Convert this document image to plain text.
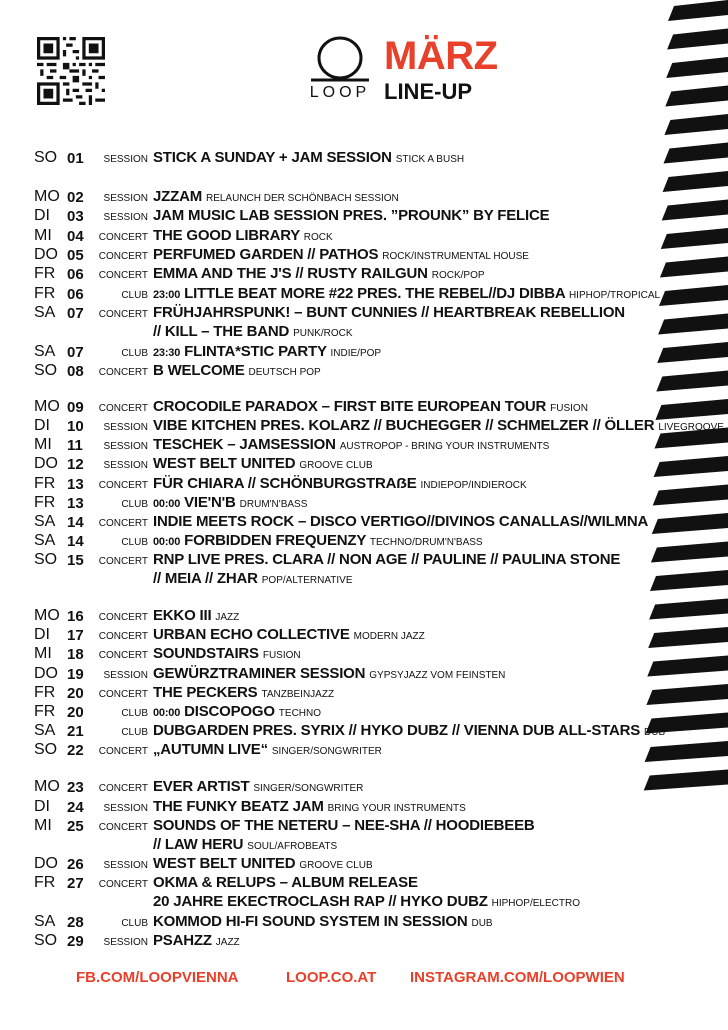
LOOP
MÄRZ
LINE-UP
SO 01	SESSION STICK A SUNDAY + JAM SESSION STICK A BUSH
MO 02	SESSION JZZAM RELAUNCH DER SCHÖNBACH SESSION
DI 03	SESSION JAM MUSIC LAB SESSION PRES. ”PROUNK” BY FELICE
MI 04	CONCERT THE GOOD LIBRARY ROCK
DO 05	CONCERT PERFUMED GARDEN // PATHOS ROCK/INSTRUMENTAL HOUSE
FR 06	CONCERT EMMA AND THE J'S // RUSTY RAILGUN ROCK/POP
FR 06	CLUB 23:00 LITTLE BEAT MORE #22 PRES. THE REBEL//DJ DIBBA HIPHOP/TROPICAL
SA 07	CONCERT FRÜHJAHRSPUNK! – BUNT CUNNIES // HEARTBREAK REBELLION
// KILL – THE BAND PUNK/ROCK
SA 07	CLUB 23:30 FLINTA*STIC PARTY INDIE/POP
SO 08	CONCERT B WELCOME DEUTSCH POP
MO 09	CONCERT CROCODILE PARADOX – FIRST BITE EUROPEAN TOUR FUSION
DI 10	SESSION VIBE KITCHEN PRES. KOLARZ // BUCHEGGER // SCHMELZER // ÖLLER LIVEGROOVE
MI 11	SESSION TESCHEK – JAMSESSION AUSTROPOP - BRING YOUR INSTRUMENTS
DO 12	SESSION WEST BELT UNITED GROOVE CLUB
FR 13	CONCERT FÜR CHIARA // SCHÖNBURGSTRAẞE INDIEPOP/INDIEROCK
FR 13	CLUB 00:00 VIE'N'B DRUM'N'BASS
SA 14	CONCERT INDIE MEETS ROCK – DISCO VERTIGO//DIVINOS CANALLAS//WILMNA
SA 14	CLUB 00:00 FORBIDDEN FREQUENZY TECHNO/DRUM'N'BASS
SO 15	CONCERT RNP LIVE PRES. CLARA // NON AGE // PAULINE // PAULINA STONE
// MEIA // ZHAR POP/ALTERNATIVE
MO 16	CONCERT EKKO III JAZZ
DI 17	CONCERT URBAN ECHO COLLECTIVE MODERN JAZZ
MI 18	CONCERT SOUNDSTAIRS FUSION
DO 19	SESSION GEWÜRZTRAMINER SESSION GYPSYJAZZ VOM FEINSTEN
FR 20	CONCERT THE PECKERS TANZBEINJAZZ
FR 20	CLUB 00:00 DISCOPOGO TECHNO
SA 21	CLUB DUBGARDEN PRES. SYRIX // HYKO DUBZ // VIENNA DUB ALL-STARS DUB
SO 22	CONCERT „AUTUMN LIVE“ SINGER/SONGWRITER
MO 23	CONCERT EVER ARTIST SINGER/SONGWRITER
DI 24	SESSION THE FUNKY BEATZ JAM BRING YOUR INSTRUMENTS
MI 25	CONCERT SOUNDS OF THE NETERU – NEE-SHA // HOODIEBEEB
// LAW HERU SOUL/AFROBEATS
DO 26	SESSION WEST BELT UNITED GROOVE CLUB
FR 27	CONCERT OKMA & RELUPS – ALBUM RELEASE
20 JAHRE EKECTROCLASH RAP // HYKO DUBZ HIPHOP/ELECTRO
SA 28	CLUB KOMMOD HI-FI SOUND SYSTEM IN SESSION DUB
SO 29	SESSION PSAHZZ JAZZ
FB.COM/LOOPVIENNA	LOOP.CO.AT INSTAGRAM.COM/LOOPWIEN
